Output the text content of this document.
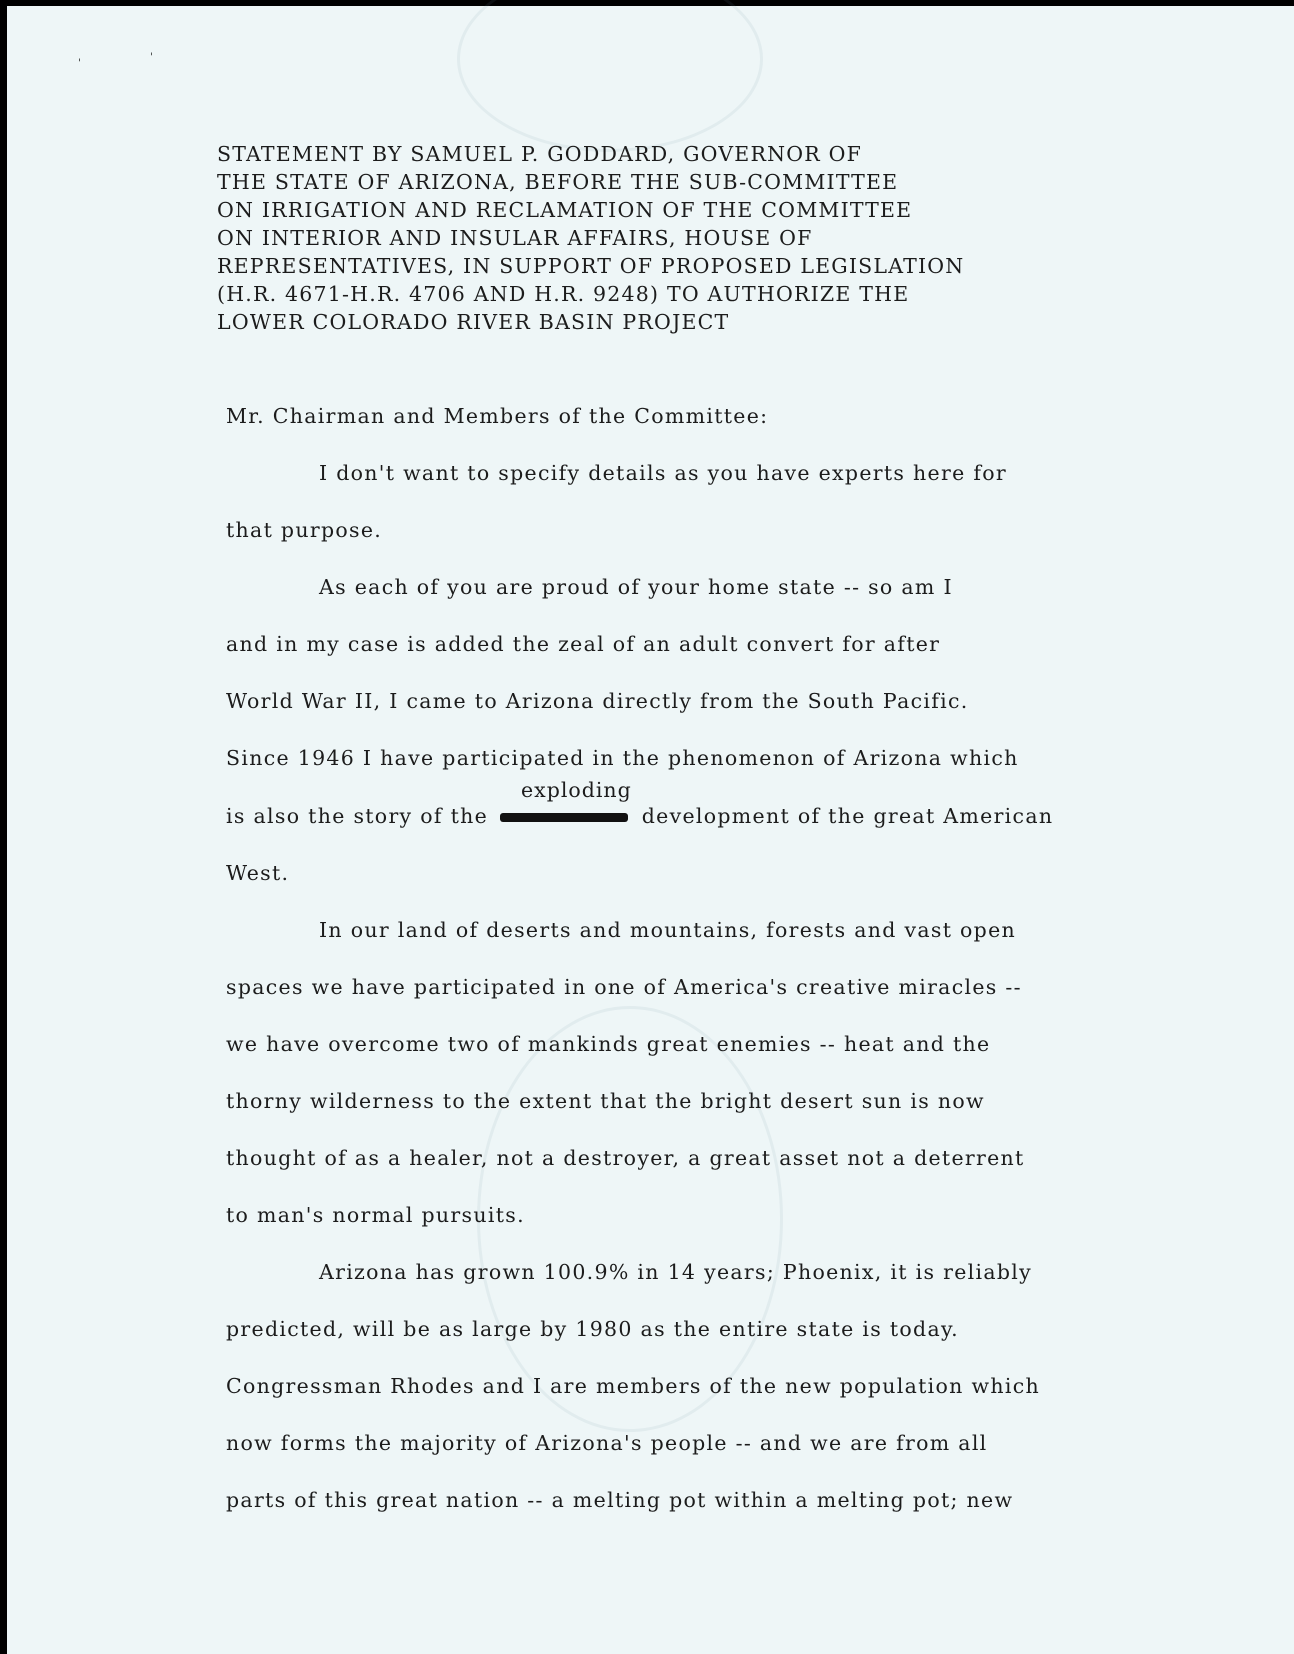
'
'
STATEMENT BY SAMUEL P. GODDARD, GOVERNOR OF
THE STATE OF ARIZONA, BEFORE THE SUB-COMMITTEE
ON IRRIGATION AND RECLAMATION OF THE COMMITTEE
ON INTERIOR AND INSULAR AFFAIRS, HOUSE OF
REPRESENTATIVES, IN SUPPORT OF PROPOSED LEGISLATION
(H.R. 4671-H.R. 4706 AND H.R. 9248) TO AUTHORIZE THE
LOWER COLORADO RIVER BASIN PROJECT
Mr. Chairman and Members of the Committee:
I don't want to specify details as you have experts here for
that purpose.
As each of you are proud of your home state -- so am I
and in my case is added the zeal of an adult convert for after
World War II, I came to Arizona directly from the South Pacific.
Since 1946 I have participated in the phenomenon of Arizona which
exploding
is also the story of the	development of the great American
West.
In our land of deserts and mountains, forests and vast open
spaces we have participated in one of America's creative miracles --
we have overcome two of mankinds great enemies -- heat and the
thorny wilderness to the extent that the bright desert sun is now
thought of as a healer, not a destroyer, a great asset not a deterrent
to man's normal pursuits.
Arizona has grown 100.9% in 14 years; Phoenix, it is reliably
predicted, will be as large by 1980 as the entire state is today.
Congressman Rhodes and I are members of the new population which
now forms the majority of Arizona's people -- and we are from all
parts of this great nation -- a melting pot within a melting pot; new
